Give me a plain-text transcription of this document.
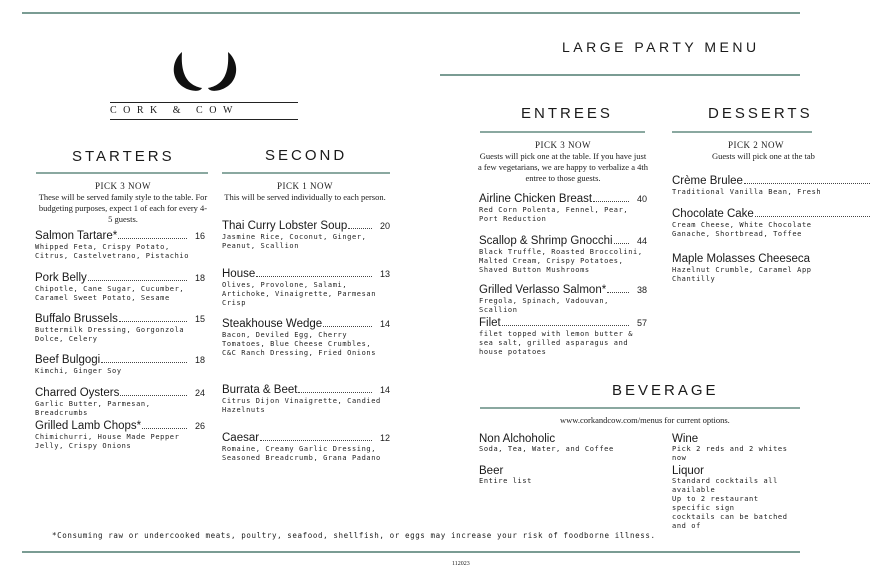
CORK & COW
LARGE PARTY MENU
STARTERS
PICK 3 NOW
These will be served family style to the table. For budgeting purposes, expect 1 of each for every 4-5 guests.
Salmon Tartare*	16
Whipped Feta, Crispy Potato, Citrus, Castelvetrano, Pistachio
Pork Belly	18
Chipotle, Cane Sugar, Cucumber, Caramel Sweet Potato, Sesame
Buffalo Brussels	15
Buttermilk Dressing, Gorgonzola Dolce, Celery
Beef Bulgogi	18
Kimchi, Ginger Soy
Charred Oysters	24
Garlic Butter, Parmesan, Breadcrumbs
Grilled Lamb Chops*	26
Chimichurri, House Made Pepper Jelly, Crispy Onions
SECOND
PICK 1 NOW
This will be served individually to each person.
Thai Curry Lobster Soup	20
Jasmine Rice, Coconut, Ginger, Peanut, Scallion
House	13
Olives, Provolone, Salami, Artichoke, Vinaigrette, Parmesan Crisp
Steakhouse Wedge	14
Bacon, Deviled Egg, Cherry Tomatoes, Blue Cheese Crumbles, C&C Ranch Dressing, Fried Onions
Burrata & Beet	14
Citrus Dijon Vinaigrette, Candied Hazelnuts
Caesar	12
Romaine, Creamy Garlic Dressing, Seasoned Breadcrumb, Grana Padano
ENTREES
PICK 3 NOW
Guests will pick one at the table. If you have just a few vegetarians, we are happy to verbalize a 4th entree to those guests.
Airline Chicken Breast	40
Red Corn Polenta, Fennel, Pear, Port Reduction
Scallop & Shrimp Gnocchi	44
Black Truffle, Roasted Broccolini, Malted Cream, Crispy Potatoes, Shaved Button Mushrooms
Grilled Verlasso Salmon*	38
Fregola, Spinach, Vadouvan, Scallion
Filet	57
filet topped with lemon butter & sea salt, grilled asparagus and house potatoes
DESSERTS
PICK 2 NOW
Guests will pick one at the tab
Crème Brulee
Traditional Vanilla Bean, Fresh
Chocolate Cake
Cream Cheese, White Chocolate Ganache, Shortbread, Toffee
Maple Molasses Cheeseca
Hazelnut Crumble, Caramel App Chantilly
BEVERAGE
www.corkandcow.com/menus for current options.
Non Alchoholic
Soda, Tea, Water, and Coffee
Wine
Pick 2 reds and 2 whites now
Beer
Entire list
Liquor
Standard cocktails all available
Up to 2 restaurant specific sign
cocktails can be batched and of
*Consuming raw or undercooked meats, poultry, seafood, shellfish, or eggs may increase your risk of foodborne illness.
112023
